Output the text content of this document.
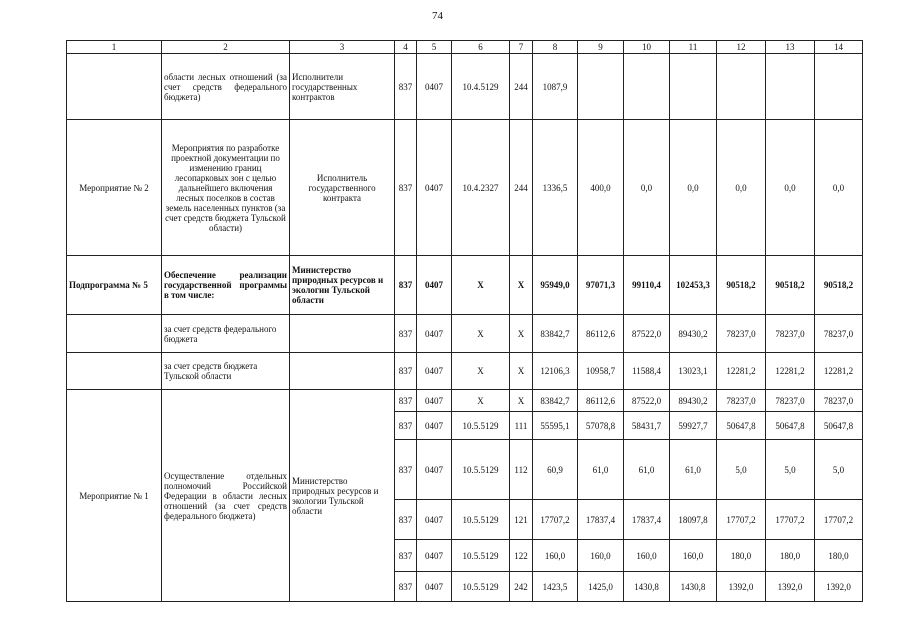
74
1	2	3	4	5	6	7	8	9	10	11	12	13	14
	области лесных отношений (за счет средств федерального бюджета)	Исполнители государственных контрактов	837	0407	10.4.5129	244	1087,9						
Мероприятие № 2	Мероприятия по разработке проектной документации по изменению границ лесопарковых зон с целью дальнейшего включения лесных поселков в состав земель населенных пунктов (за счет средств бюджета Тульской области)	Исполнитель государственного контракта	837	0407	10.4.2327	244	1336,5	400,0	0,0	0,0	0,0	0,0	0,0
Подпрограмма № 5	Обеспечение реализации государственной программы в том числе:	Министерство природных ресурсов и экологии Тульской области	837	0407	Х	Х	95949,0	97071,3	99110,4	102453,3	90518,2	90518,2	90518,2
	за счет средств федерального бюджета		837	0407	Х	Х	83842,7	86112,6	87522,0	89430,2	78237,0	78237,0	78237,0
	за счет средств бюджета Тульской области		837	0407	Х	Х	12106,3	10958,7	11588,4	13023,1	12281,2	12281,2	12281,2
Мероприятие № 1	Осуществление отдельных полномочий Российской Федерации в области лесных отношений (за счет средств федерального бюджета)	Министерство природных ресурсов и экологии Тульской области	837	0407	Х	Х	83842,7	86112,6	87522,0	89430,2	78237,0	78237,0	78237,0
			837	0407	10.5.5129	111	55595,1	57078,8	58431,7	59927,7	50647,8	50647,8	50647,8
			837	0407	10.5.5129	112	60,9	61,0	61,0	61,0	5,0	5,0	5,0
			837	0407	10.5.5129	121	17707,2	17837,4	17837,4	18097,8	17707,2	17707,2	17707,2
			837	0407	10.5.5129	122	160,0	160,0	160,0	160,0	180,0	180,0	180,0
			837	0407	10.5.5129	242	1423,5	1425,0	1430,8	1430,8	1392,0	1392,0	1392,0
